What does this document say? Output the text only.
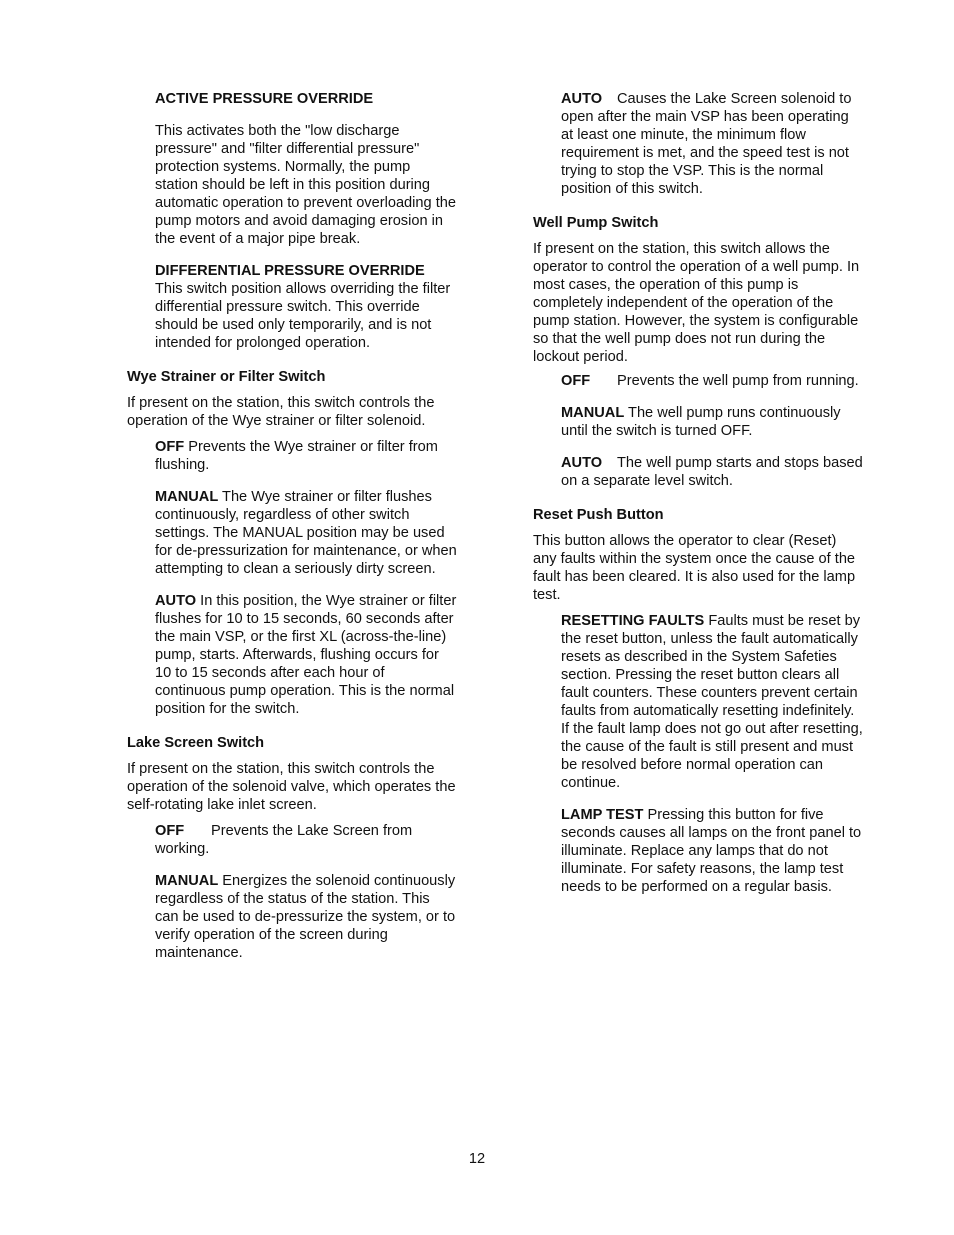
ACTIVE PRESSURE OVERRIDE

This activates both the "low discharge pressure" and "filter differential pressure" protection systems. Normally, the pump station should be left in this position during automatic operation to prevent overloading the pump motors and avoid damaging erosion in the event of a major pipe break.

DIFFERENTIAL PRESSURE OVERRIDE

This switch position allows overriding the filter differential pressure switch. This override should be used only temporarily, and is not intended for prolonged operation.

Wye Strainer or Filter Switch

If present on the station, this switch controls the operation of the Wye strainer or filter solenoid.

OFF Prevents the Wye strainer or filter from flushing.

MANUAL The Wye strainer or filter flushes continuously, regardless of other switch settings. The MANUAL position may be used for de-pressurization for maintenance, or when attempting to clean a seriously dirty screen.

AUTO In this position, the Wye strainer or filter flushes for 10 to 15 seconds, 60 seconds after the main VSP, or the first XL (across-the-line) pump, starts. Afterwards, flushing occurs for 10 to 15 seconds after each hour of continuous pump operation. This is the normal position for the switch.

Lake Screen Switch

If present on the station, this switch controls the operation of the solenoid valve, which operates the self-rotating lake inlet screen.

OFF Prevents the Lake Screen from working.

MANUAL Energizes the solenoid continuously regardless of the status of the station. This can be used to de-pressurize the system, or to verify operation of the screen during maintenance.

AUTO Causes the Lake Screen solenoid to open after the main VSP has been operating at least one minute, the minimum flow requirement is met, and the speed test is not trying to stop the VSP. This is the normal position of this switch.

Well Pump Switch

If present on the station, this switch allows the operator to control the operation of a well pump. In most cases, the operation of this pump is completely independent of the operation of the pump station. However, the system is configurable so that the well pump does not run during the lockout period.

OFF Prevents the well pump from running.

MANUAL The well pump runs continuously until the switch is turned OFF.

AUTO The well pump starts and stops based on a separate level switch.

Reset Push Button

This button allows the operator to clear (Reset) any faults within the system once the cause of the fault has been cleared. It is also used for the lamp test.

RESETTING FAULTS Faults must be reset by the reset button, unless the fault automatically resets as described in the System Safeties section. Pressing the reset button clears all fault counters. These counters prevent certain faults from automatically resetting indefinitely. If the fault lamp does not go out after resetting, the cause of the fault is still present and must be resolved before normal operation can continue.

LAMP TEST Pressing this button for five seconds causes all lamps on the front panel to illuminate. Replace any lamps that do not illuminate. For safety reasons, the lamp test needs to be performed on a regular basis.

12
